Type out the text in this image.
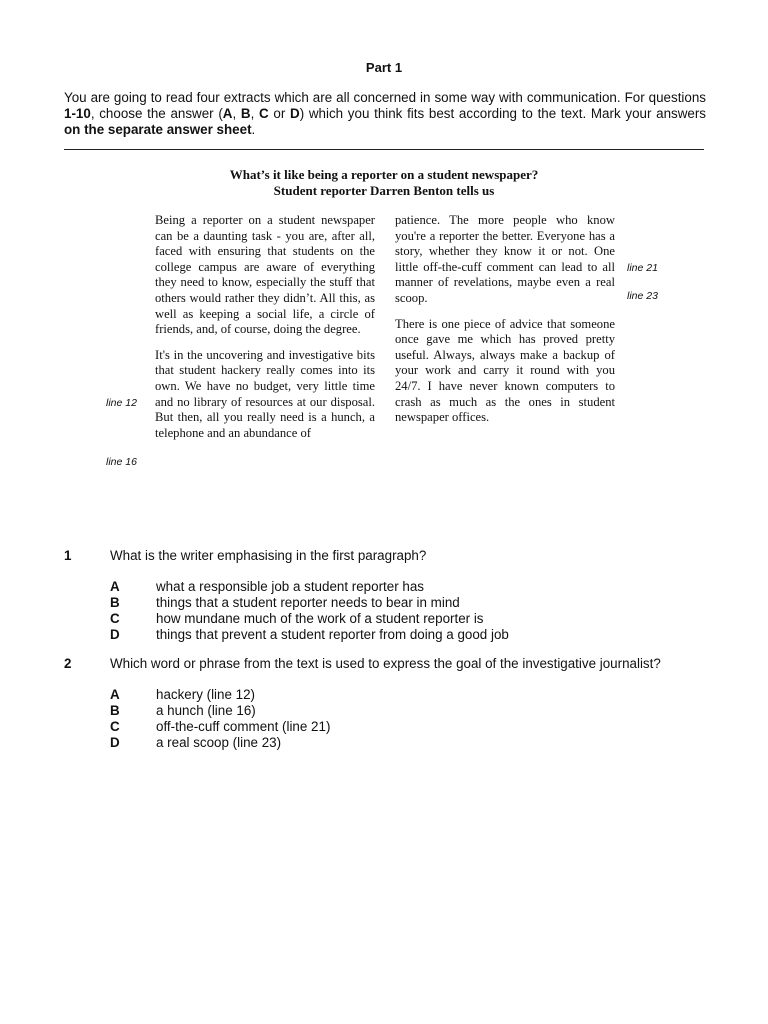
Part 1
You are going to read four extracts which are all concerned in some way with communication. For questions 1-10, choose the answer (A, B, C or D) which you think fits best according to the text. Mark your answers on the separate answer sheet.
What’s it like being a reporter on a student newspaper?
Student reporter Darren Benton tells us

Being a reporter on a student newspaper can be a daunting task - you are, after all, faced with ensuring that students on the college campus are aware of everything they need to know, especially the stuff that others would rather they didn’t. All this, as well as keeping a social life, a circle of friends, and, of course, doing the degree.

It's in the uncovering and investigative bits that student hackery really comes into its own. We have no budget, very little time and no library of resources at our disposal. But then, all you really need is a hunch, a telephone and an abundance of

patience. The more people who know you're a reporter the better. Everyone has a story, whether they know it or not. One little off-the-cuff comment can lead to all manner of revelations, maybe even a real scoop.

There is one piece of advice that someone once gave me which has proved pretty useful. Always, always make a backup of your work and carry it round with you 24/7. I have never known computers to crash as much as the ones in student newspaper offices.

line 12
line 16
line 21
line 23
1	What is the writer emphasising in the first paragraph?
A	what a responsible job a student reporter has
B	things that a student reporter needs to bear in mind
C	how mundane much of the work of a student reporter is
D	things that prevent a student reporter from doing a good job
2	Which word or phrase from the text is used to express the goal of the investigative journalist?
A	hackery (line 12)
B	a hunch (line 16)
C	off-the-cuff comment (line 21)
D	a real scoop (line 23)
